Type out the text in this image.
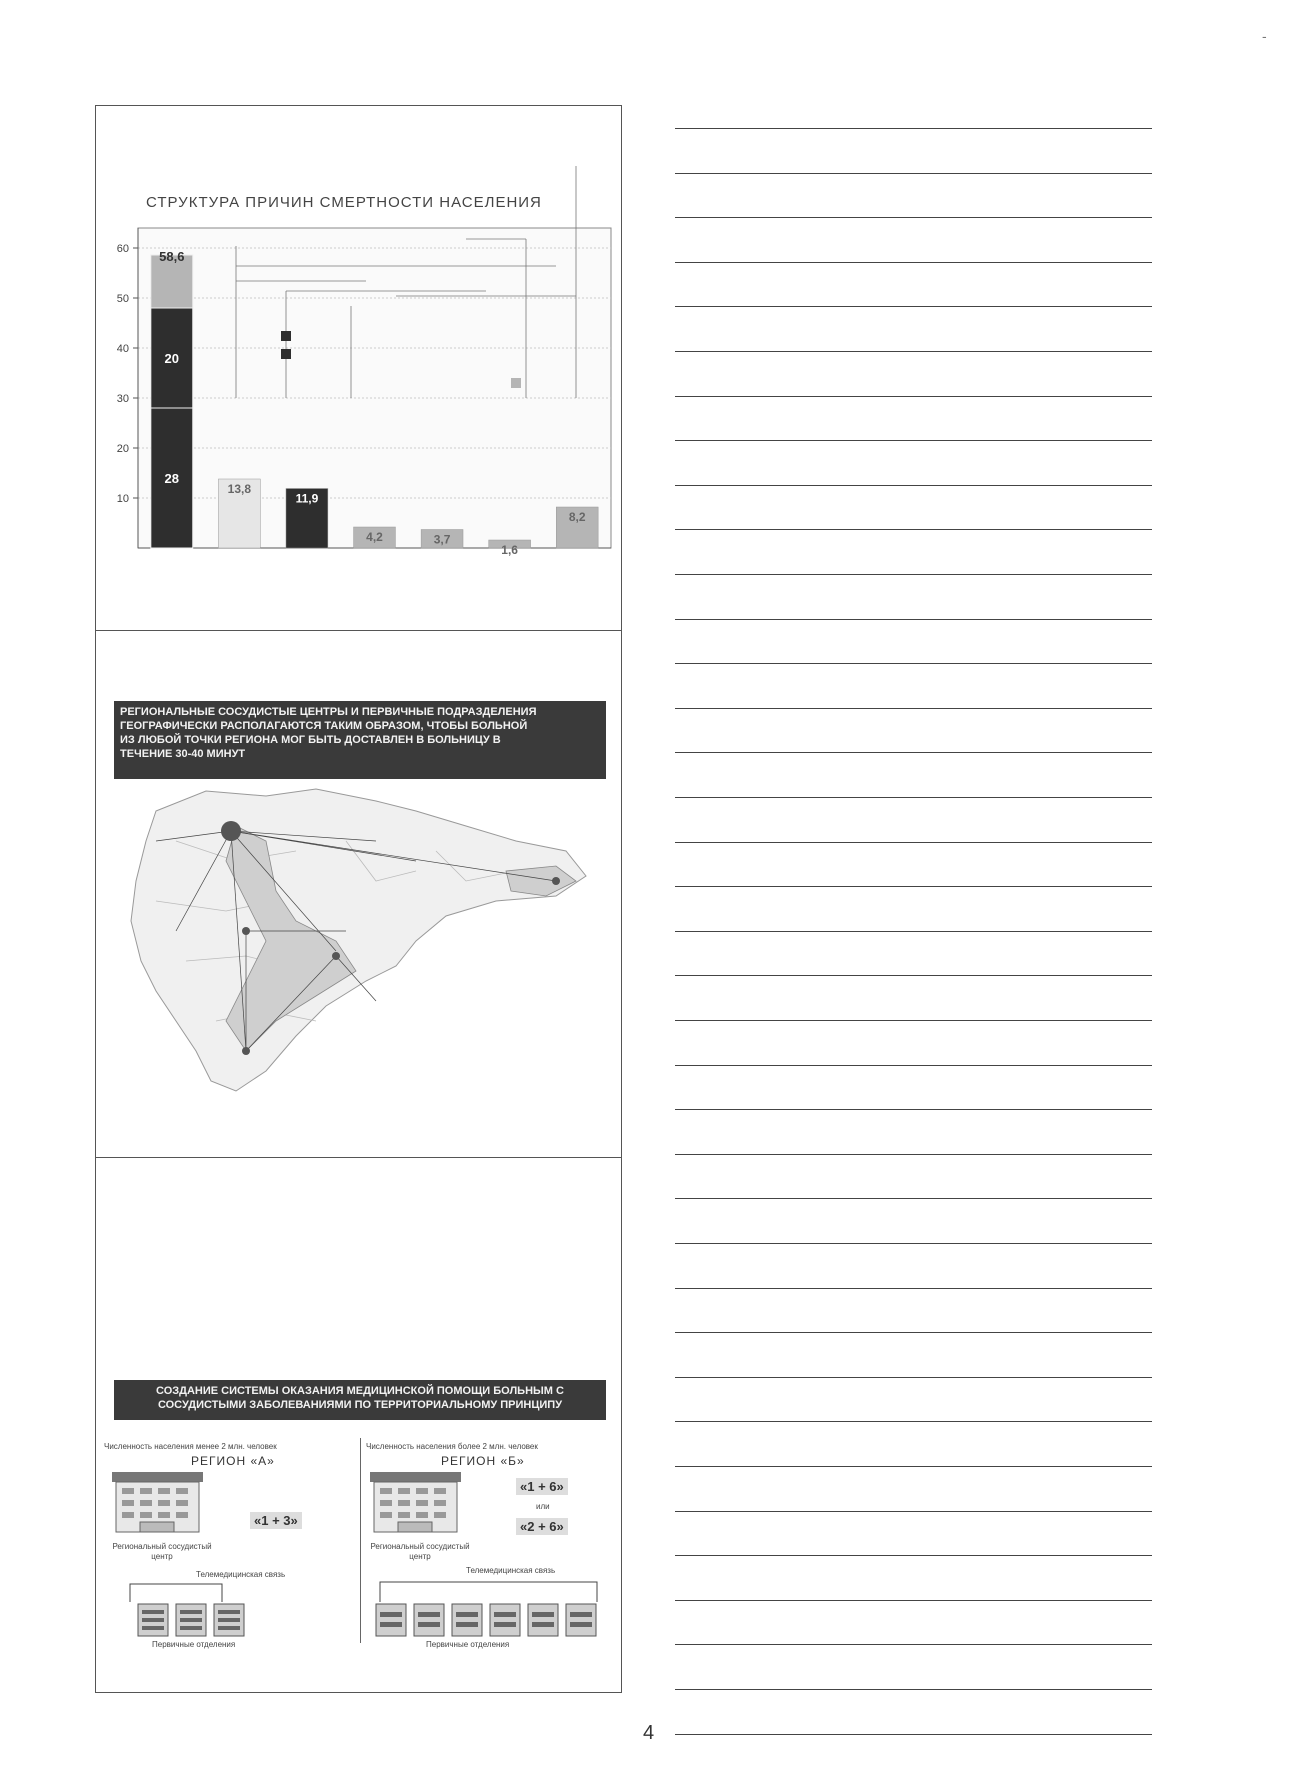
-
СТРУКТУРА ПРИЧИН СМЕРТНОСТИ НАСЕЛЕНИЯ
10
20
30
40
50
60
28
20
58,6
13,8
11,9
4,2	3,7
1,6
8,2
РЕГИОНАЛЬНЫЕ СОСУДИСТЫЕ ЦЕНТРЫ И ПЕРВИЧНЫЕ ПОДРАЗДЕЛЕНИЯ
ГЕОГРАФИЧЕСКИ РАСПОЛАГАЮТСЯ ТАКИМ ОБРАЗОМ, ЧТОБЫ БОЛЬНОЙ
ИЗ ЛЮБОЙ ТОЧКИ РЕГИОНА МОГ БЫТЬ ДОСТАВЛЕН В БОЛЬНИЦУ В
ТЕЧЕНИЕ 30-40 МИНУТ
СОЗДАНИЕ СИСТЕМЫ ОКАЗАНИЯ МЕДИЦИНСКОЙ ПОМОЩИ БОЛЬНЫМ С
СОСУДИСТЫМИ ЗАБОЛЕВАНИЯМИ ПО ТЕРРИТОРИАЛЬНОМУ ПРИНЦИПУ
Численность населения менее 2 млн. человек
РЕГИОН «А»
«1 + 3»
Региональный сосудистый центр
Телемедицинская связь
Первичные отделения
Численность населения более 2 млн. человек
РЕГИОН «Б»
«1 + 6»
или
«2 + 6»
Региональный сосудистый центр
Телемедицинская связь
Первичные отделения
4
